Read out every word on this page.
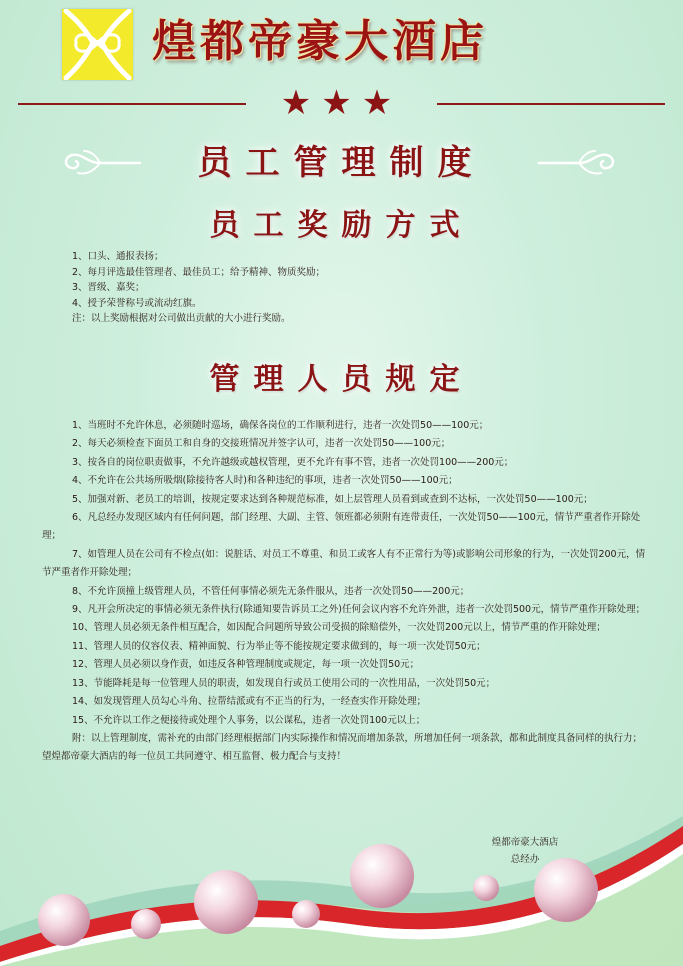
煌都帝豪大酒店
★★★
员工管理制度
员工奖励方式
1、口头、通报表扬；
2、每月评选最佳管理者、最佳员工；给予精神、物质奖励；
3、晋级、嘉奖；
4、授予荣誉称号或流动红旗。
注：以上奖励根据对公司做出贡献的大小进行奖励。
管理人员规定
1、当班时不允许休息，必须随时巡场，确保各岗位的工作顺利进行，违者一次处罚50——100元；
2、每天必须检查下面员工和自身的交接班情况并签字认可，违者一次处罚50——100元；
3、按各自的岗位职责做事，不允许越级或越权管理，更不允许有事不管，违者一次处罚100——200元；
4、不允许在公共场所吸烟(除接待客人时)和各种违纪的事项，违者一次处罚50——100元；
5、加强对新、老员工的培训，按规定要求达到各种规范标准，如上层管理人员看到或查到不达标，一次处罚50——100元；
6、凡总经办发现区域内有任何问题，部门经理、大副、主管、领班都必须附有连带责任，一次处罚50——100元，情节严重者作开除处理；
7、如管理人员在公司有不检点(如：说脏话、对员工不尊重、和员工或客人有不正常行为等)或影响公司形象的行为，一次处罚200元，情节严重者作开除处理；
8、不允许顶撞上级管理人员，不管任何事情必须先无条件服从，违者一次处罚50——200元；
9、凡开会所决定的事情必须无条件执行(除通知要告诉员工之外)任何会议内容不允许外泄，违者一次处罚500元，情节严重作开除处理；
10、管理人员必须无条件相互配合，如因配合问题所导致公司受损的除赔偿外，一次处罚200元以上，情节严重的作开除处理；
11、管理人员的仪容仪表、精神面貌、行为举止等不能按规定要求做到的，每一项一次处罚50元；
12、管理人员必须以身作责，如违反各种管理制度或规定，每一项一次处罚50元；
13、节能降耗是每一位管理人员的职责，如发现自行或员工使用公司的一次性用品，一次处罚50元；
14、如发现管理人员勾心斗角、拉帮结派或有不正当的行为，一经查实作开除处理；
15、不允许以工作之便接待或处理个人事务，以公谋私，违者一次处罚100元以上；
附：以上管理制度，需补充的由部门经理根据部门内实际操作和情况而增加条款，所增加任何一项条款，都和此制度具备同样的执行力；望煌都帝豪大酒店的每一位员工共同遵守、相互监督、极力配合与支持！
煌都帝豪大酒店
总经办
